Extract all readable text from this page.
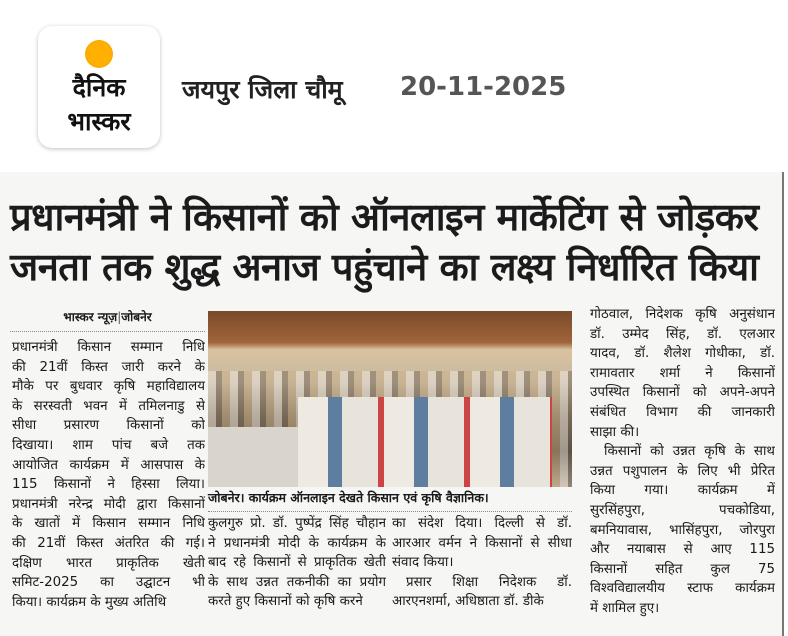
दैनिक
भास्कर
जयपुर जिला चौमू 20-11-2025
प्रधानमंत्री ने किसानों को ऑनलाइन मार्केटिंग से जोड़कर
जनता तक शुद्ध अनाज पहुंचाने का लक्ष्य निर्धारित किया
भास्कर न्यूज़|जोबनेर
प्रधानमंत्री किसान सम्मान निधि
की 21वीं किस्त जारी करने के
मौके पर बुधवार कृषि महाविद्यालय
के सरस्वती भवन में तमिलनाडु से
सीधा प्रसारण किसानों को
दिखाया। शाम पांच बजे तक
आयोजित कार्यक्रम में आसपास के
115 किसानों ने हिस्सा लिया।
प्रधानमंत्री नरेन्द्र मोदी द्वारा किसानों
के खातों में किसान सम्मान निधि
की 21वीं किस्त अंतरित की गई।
दक्षिण भारत प्राकृतिक खेती
समिट-2025 का उद्घाटन भी
किया। कार्यक्रम के मुख्य अतिथि
जोबनेर। कार्यक्रम ऑनलाइन देखते किसान एवं कृषि वैज्ञानिक।
कुलगुरु प्रो. डॉ. पुष्पेंद्र सिंह चौहान
ने प्रधानमंत्री मोदी के कार्यक्रम के
बाद रहे किसानों से प्राकृतिक खेती
के साथ उन्नत तकनीकी का प्रयोग
करते हुए किसानों को कृषि करने
का संदेश दिया। दिल्ली से डॉ.
आरआर वर्मन ने किसानों से सीधा
संवाद किया।
प्रसार शिक्षा निदेशक डॉ.
आरएनशर्मा, अधिष्ठाता डॉ. डीके
गोठवाल, निदेशक कृषि अनुसंधान
डॉ. उम्मेद सिंह, डॉ. एलआर
यादव, डॉ. शैलेश गोधीका, डॉ.
रामावतार शर्मा ने किसानों
उपस्थित किसानों को अपने-अपने
संबंधित विभाग की जानकारी
साझा की।
किसानों को उन्नत कृषि के साथ
उन्नत पशुपालन के लिए भी प्रेरित
किया गया। कार्यक्रम में
सुरसिंहपुरा, पचकोडिया,
बमनियावास, भासिंहपुरा, जोरपुरा
और नयाबास से आए 115
किसानों सहित कुल 75
विश्वविद्यालयीय स्टाफ कार्यक्रम
में शामिल हुए।
